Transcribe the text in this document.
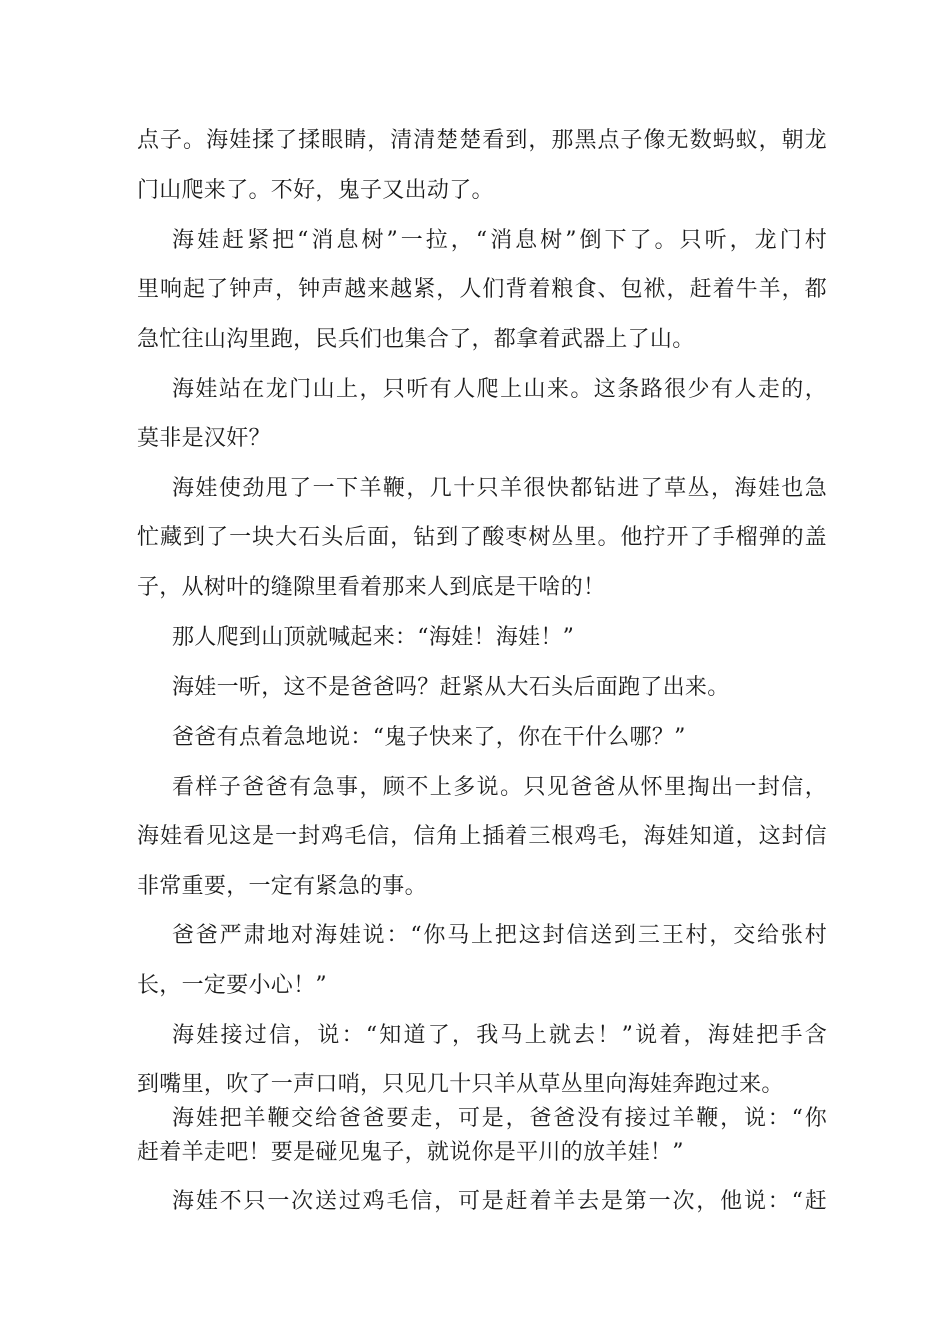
点子。海娃揉了揉眼睛，清清楚楚看到，那黑点子像无数蚂蚁，朝龙
门山爬来了。不好，鬼子又出动了。
海娃赶紧把“消息树”一拉，“消息树”倒下了。只听，龙门村
里响起了钟声，钟声越来越紧，人们背着粮食、包袱，赶着牛羊，都
急忙往山沟里跑，民兵们也集合了，都拿着武器上了山。
海娃站在龙门山上，只听有人爬上山来。这条路很少有人走的，
莫非是汉奸？
海娃使劲甩了一下羊鞭，几十只羊很快都钻进了草丛，海娃也急
忙藏到了一块大石头后面，钻到了酸枣树丛里。他拧开了手榴弹的盖
子，从树叶的缝隙里看着那来人到底是干啥的！
那人爬到山顶就喊起来：“海娃！海娃！”
海娃一听，这不是爸爸吗？赶紧从大石头后面跑了出来。
爸爸有点着急地说：“鬼子快来了，你在干什么哪？”
看样子爸爸有急事，顾不上多说。只见爸爸从怀里掏出一封信，
海娃看见这是一封鸡毛信，信角上插着三根鸡毛，海娃知道，这封信
非常重要，一定有紧急的事。
爸爸严肃地对海娃说：“你马上把这封信送到三王村，交给张村
长，一定要小心！”
海娃接过信，说：“知道了，我马上就去！”说着，海娃把手含
到嘴里，吹了一声口哨，只见几十只羊从草丛里向海娃奔跑过来。
海娃把羊鞭交给爸爸要走，可是，爸爸没有接过羊鞭，说：“你
赶着羊走吧！要是碰见鬼子，就说你是平川的放羊娃！”
海娃不只一次送过鸡毛信，可是赶着羊去是第一次，他说：“赶
